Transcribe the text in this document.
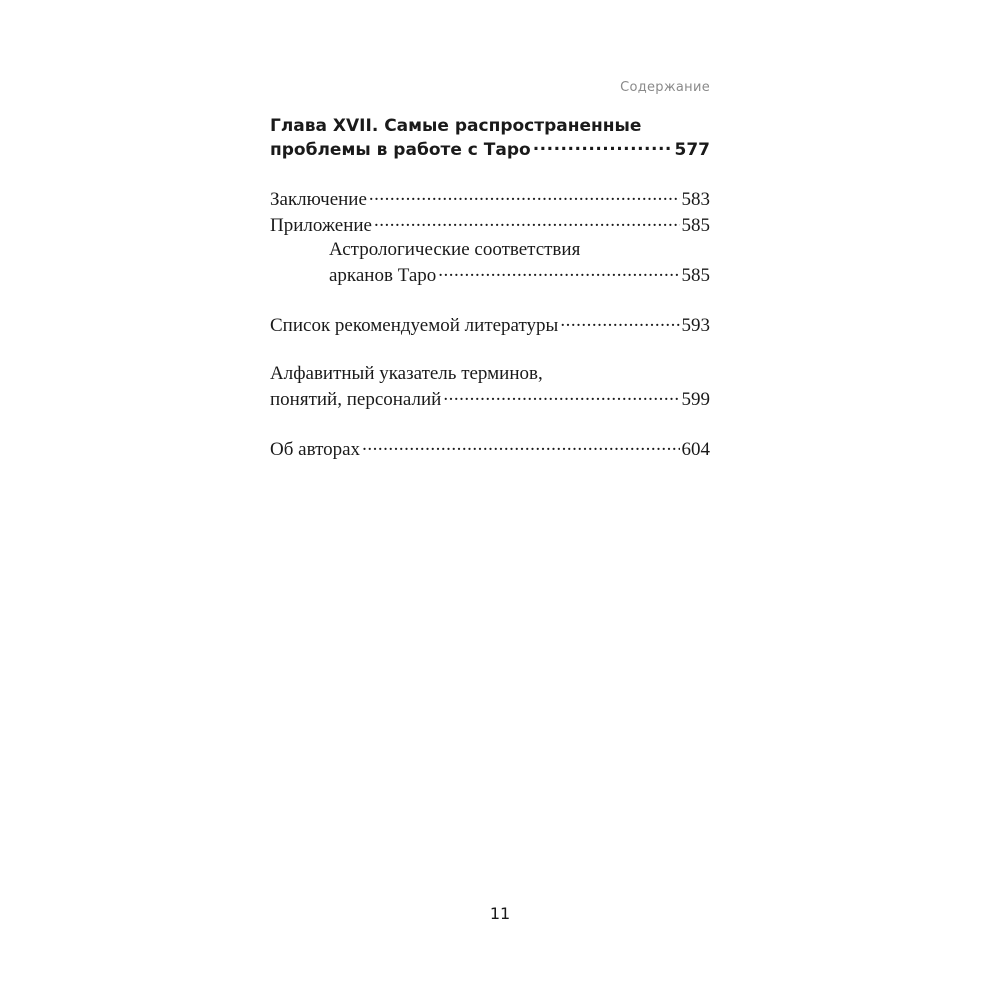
Содержание
Глава XVII. Самые распространенные
проблемы в работе с Таро .....	577
Заключение .....	583
Приложение .....	585
Астрологические соответствия
арканов Таро .....	585
Список рекомендуемой литературы .....	593
Алфавитный указатель терминов,
понятий, персоналий .....	599
Об авторах .....	604
11
